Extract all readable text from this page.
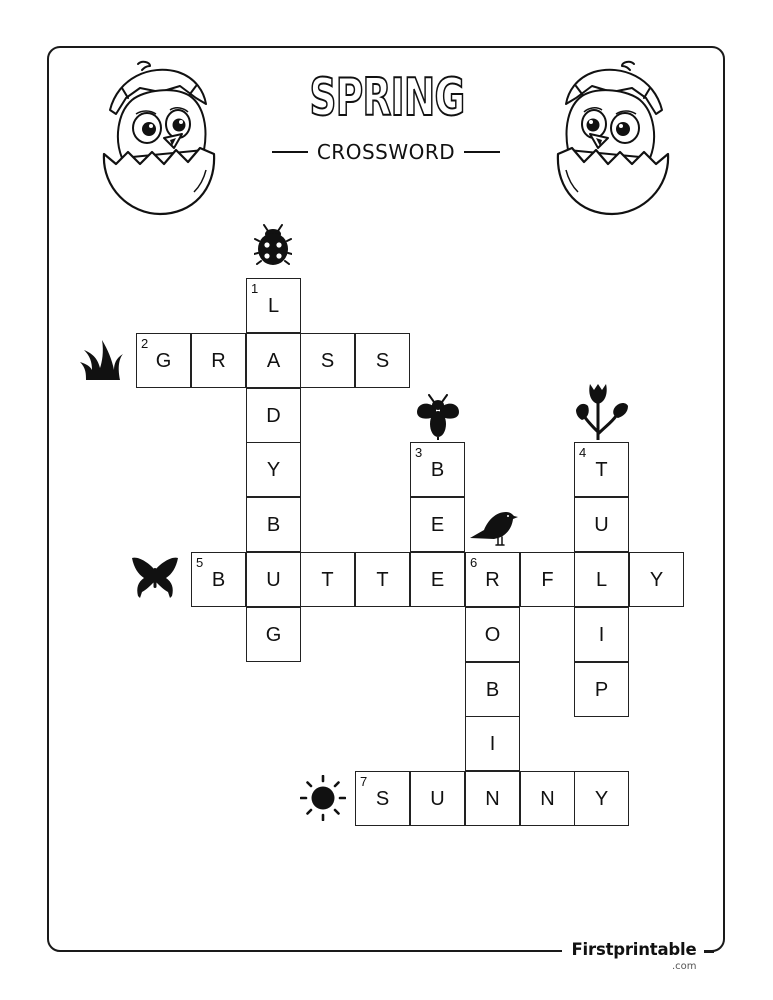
SPRING
CROSSWORD
1
L
A
D
Y
B
U
G
2
G	R	S	S
3
B
E
E
4
T
U
L
I
P
5
B	T	T
6
R	F	Y
O
B
I
N
7
S	U	N	Y
Firstprintable
.com
